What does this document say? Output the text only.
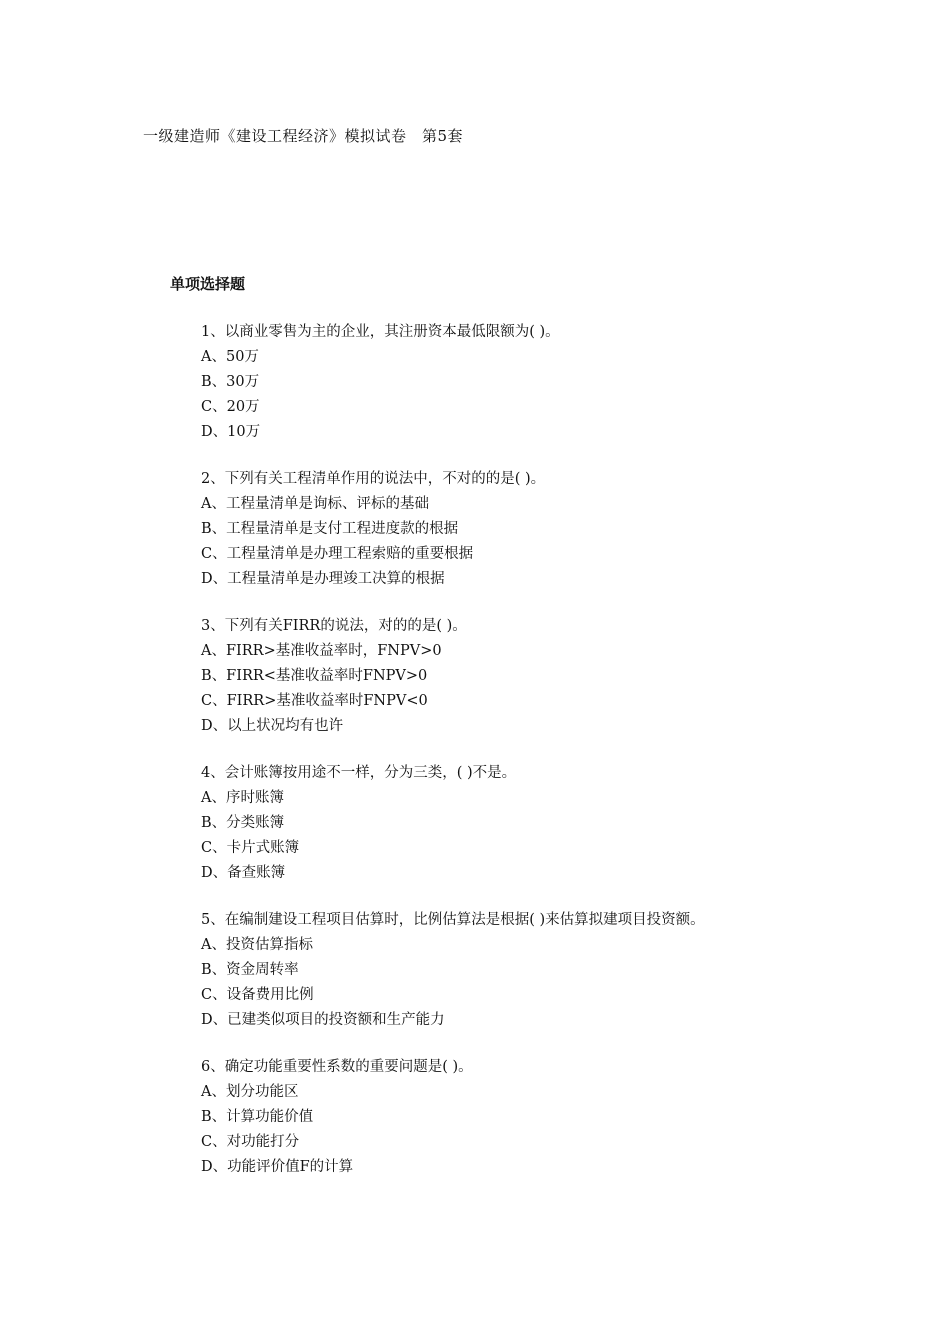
一级建造师《建设工程经济》模拟试卷　第5套
单项选择题
1、以商业零售为主的企业，其注册资本最低限额为( )。
A、50万
B、30万
C、20万
D、10万
2、下列有关工程清单作用的说法中，不对的的是( )。
A、工程量清单是询标、评标的基础
B、工程量清单是支付工程进度款的根据
C、工程量清单是办理工程索赔的重要根据
D、工程量清单是办理竣工决算的根据
3、下列有关FIRR的说法，对的的是( )。
A、FIRR>基准收益率时，FNPV>0
B、FIRR<基准收益率时FNPV>0
C、FIRR>基准收益率时FNPV<0
D、以上状况均有也许
4、会计账簿按用途不一样，分为三类，( )不是。
A、序时账簿
B、分类账簿
C、卡片式账簿
D、备查账簿
5、在编制建设工程项目估算时，比例估算法是根据( )来估算拟建项目投资额。
A、投资估算指标
B、资金周转率
C、设备费用比例
D、已建类似项目的投资额和生产能力
6、确定功能重要性系数的重要问题是( )。
A、划分功能区
B、计算功能价值
C、对功能打分
D、功能评价值F的计算
